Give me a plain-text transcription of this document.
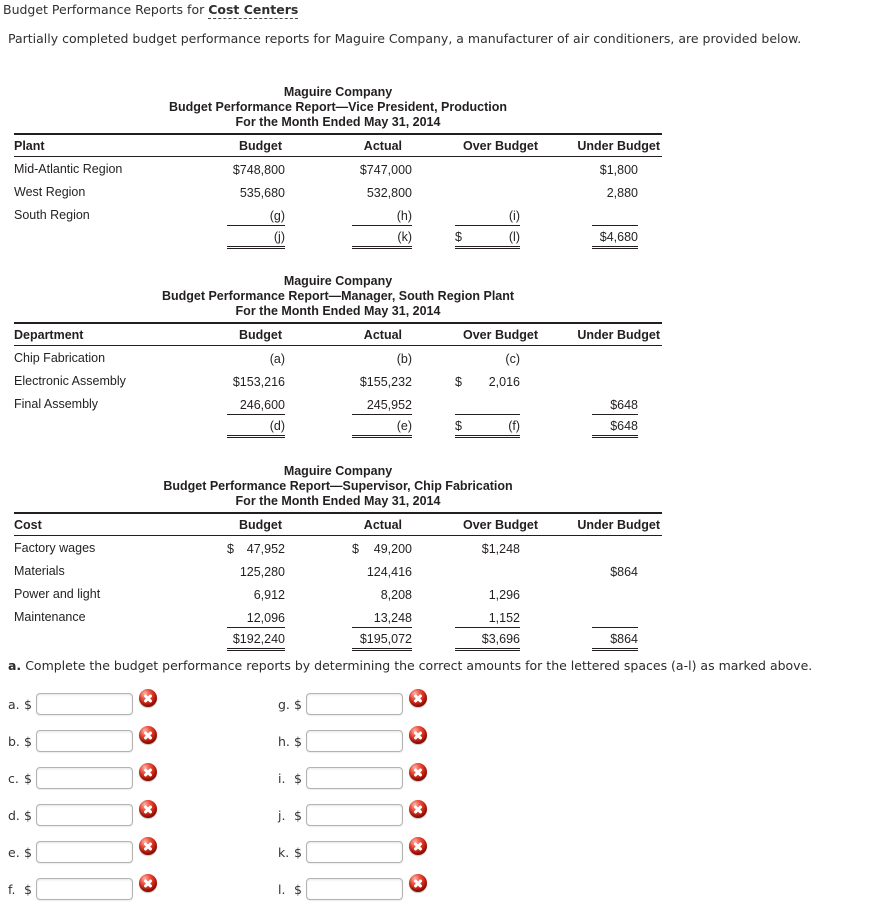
Budget Performance Reports for Cost Centers
Partially completed budget performance reports for Maguire Company, a manufacturer of air conditioners, are provided below.
Maguire Company
Budget Performance Report—Vice President, Production
For the Month Ended May 31, 2014
Plant	Budget	Actual	Over Budget	Under Budget
Mid-Atlantic Region	$748,800	$747,000		$1,800

West Region	535,680	532,800		2,880

South Region	(g)	(h)	(i)	

	(j)	(k)	$ (l)	$4,680
Maguire Company
Budget Performance Report—Manager, South Region Plant
For the Month Ended May 31, 2014
Department	Budget	Actual	Over Budget	Under Budget
Chip Fabrication	(a)	(b)	(c)	

Electronic Assembly	$153,216	$155,232	$ 2,016	

Final Assembly	246,600	245,952		$648

	(d)	(e)	$ (f)	$648
Maguire Company
Budget Performance Report—Supervisor, Chip Fabrication
For the Month Ended May 31, 2014
Cost	Budget	Actual	Over Budget	Under Budget
Factory wages	$ 47,952	$ 49,200	$1,248	

Materials	125,280	124,416		$864

Power and light	6,912	8,208	1,296	

Maintenance	12,096	13,248	1,152	

	$192,240	$195,072	$3,696	$864
a. Complete the budget performance reports by determining the correct amounts for the lettered spaces (a-l) as marked above.
a. $
b. $
c. $
d. $
e. $
f. $
g. $
h. $
i. $
j. $
k. $
l. $
